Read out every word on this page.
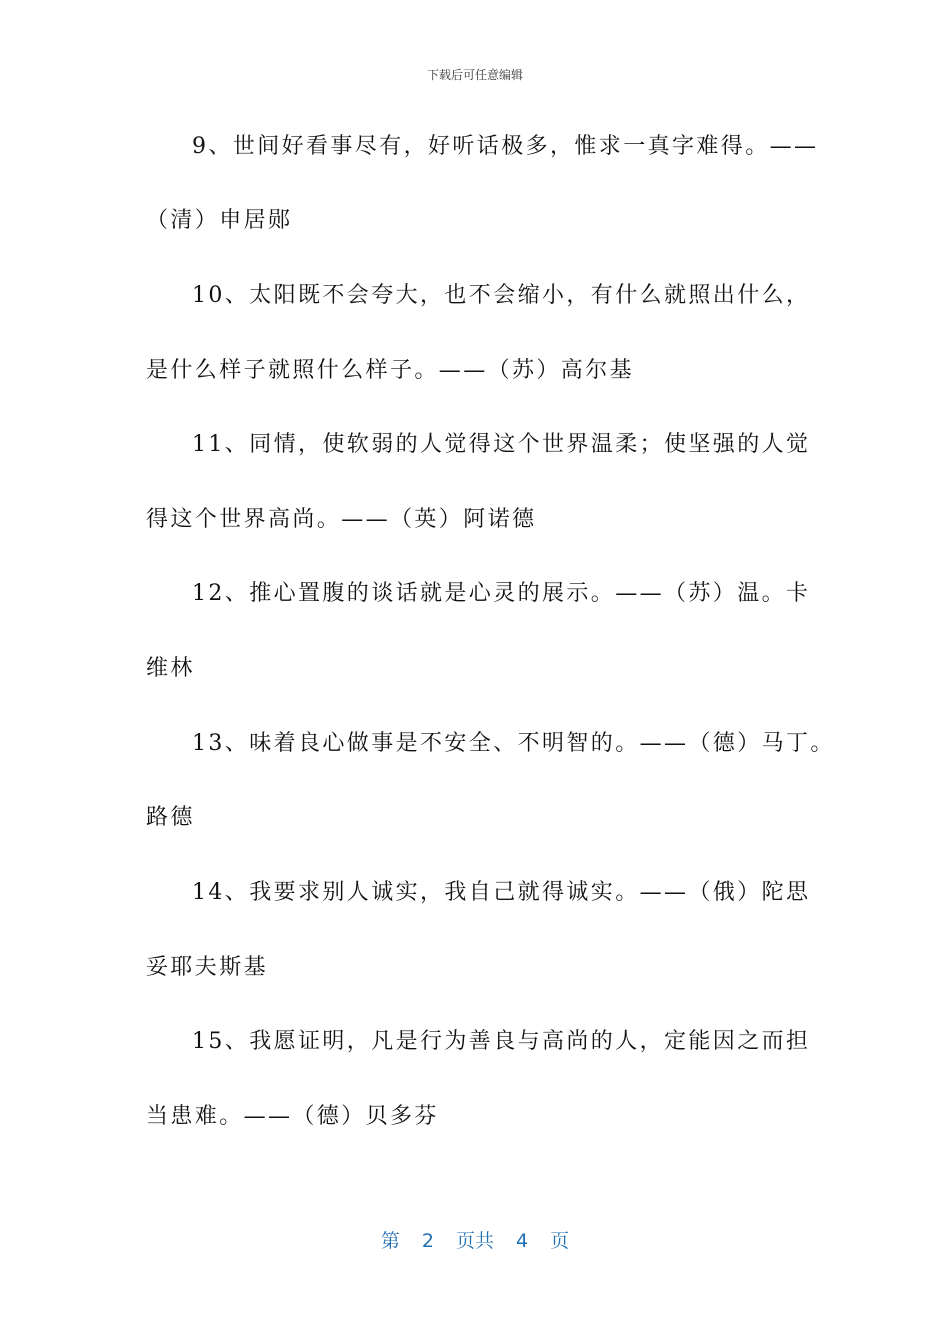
下载后可任意编辑
9、世间好看事尽有，好听话极多，惟求一真字难得。——
（清）申居郧
10、太阳既不会夸大，也不会缩小，有什么就照出什么，
是什么样子就照什么样子。——（苏）高尔基
11、同情，使软弱的人觉得这个世界温柔；使坚强的人觉
得这个世界高尚。——（英）阿诺德
12、推心置腹的谈话就是心灵的展示。——（苏）温。卡
维林
13、味着良心做事是不安全、不明智的。——（德）马丁。
路德
14、我要求别人诚实，我自己就得诚实。——（俄）陀思
妥耶夫斯基
15、我愿证明，凡是行为善良与高尚的人，定能因之而担
当患难。——（德）贝多芬
第 2 页共 4 页
